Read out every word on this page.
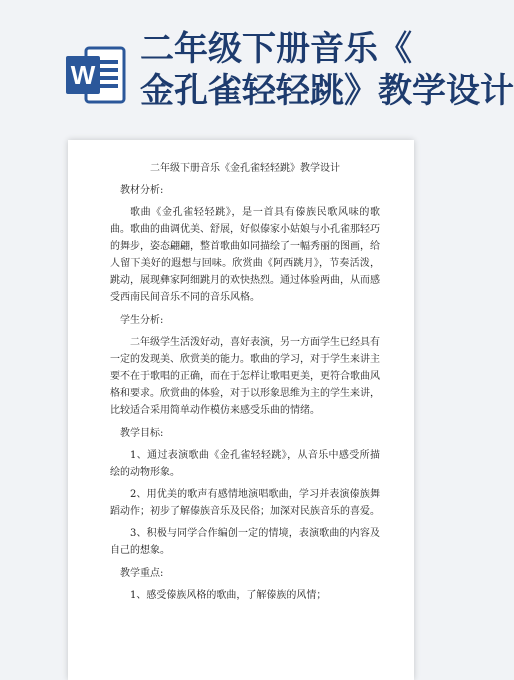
W
二年级下册音乐《
金孔雀轻轻跳》教学设计
二年级下册音乐《金孔雀轻轻跳》教学设计
教材分析:

歌曲《金孔雀轻轻跳》，是一首具有傣族民歌风味的歌曲。歌曲的曲调优美、舒展，好似傣家小姑娘与小孔雀那轻巧的舞步，姿态翩翩，整首歌曲如同描绘了一幅秀丽的图画，给人留下美好的遐想与回味。欣赏曲《阿西跳月》，节奏活泼，跳动，展现彝家阿细跳月的欢快热烈。通过体验两曲，从而感受西南民间音乐不同的音乐风格。

学生分析:

二年级学生活泼好动，喜好表演，另一方面学生已经具有一定的发现美、欣赏美的能力。歌曲的学习，对于学生来讲主要不在于歌唱的正确，而在于怎样让歌唱更美，更符合歌曲风格和要求。欣赏曲的体验，对于以形象思维为主的学生来讲，比较适合采用简单动作模仿来感受乐曲的情绪。

教学目标:

1、通过表演歌曲《金孔雀轻轻跳》，从音乐中感受所描绘的动物形象。

2、用优美的歌声有感情地演唱歌曲，学习并表演傣族舞蹈动作；初步了解傣族音乐及民俗；加深对民族音乐的喜爱。

3、积极与同学合作编创一定的情境，表演歌曲的内容及自己的想象。

教学重点:

1、感受傣族风格的歌曲，了解傣族的风情；
